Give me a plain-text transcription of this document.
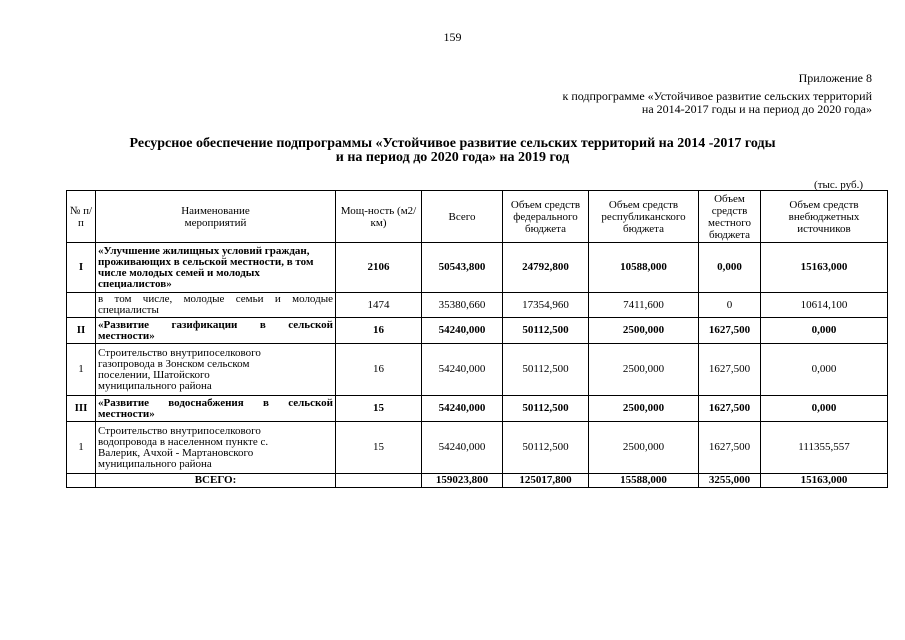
159
Приложение 8
к подпрограмме «Устойчивое развитие сельских территорий
на 2014-2017 годы и на период до 2020 года»
Ресурсное обеспечение подпрограммы «Устойчивое развитие сельских территорий на 2014 -2017 годы
и на период до 2020 года» на 2019 год
(тыс. руб.)
№ п/п	Наименование мероприятий	Мощ-ность (м2/км)	Всего	Объем средств федерального бюджета	Объем средств республиканского бюджета	Объем средств местного бюджета	Объем средств внебюджетных источников
I	«Улучшение жилищных условий граждан, проживающих в сельской местности, в том числе молодых семей и молодых специалистов»	2106	50543,800	24792,800	10588,000	0,000	15163,000
	в том числе, молодые семьи и молодые специалисты	1474	35380,660	17354,960	7411,600	0	10614,100
II	«Развитие газификации в сельской местности»	16	54240,000	50112,500	2500,000	1627,500	0,000
1	Строительство внутрипоселкового газопровода в Зонском сельском поселении, Шатойского муниципального района	16	54240,000	50112,500	2500,000	1627,500	0,000
III	«Развитие водоснабжения в сельской местности»	15	54240,000	50112,500	2500,000	1627,500	0,000
1	Строительство внутрипоселкового водопровода в населенном пункте с. Валерик, Ачхой - Мартановского муниципального района	15	54240,000	50112,500	2500,000	1627,500	111355,557
	ВСЕГО:		159023,800	125017,800	15588,000	3255,000	15163,000
